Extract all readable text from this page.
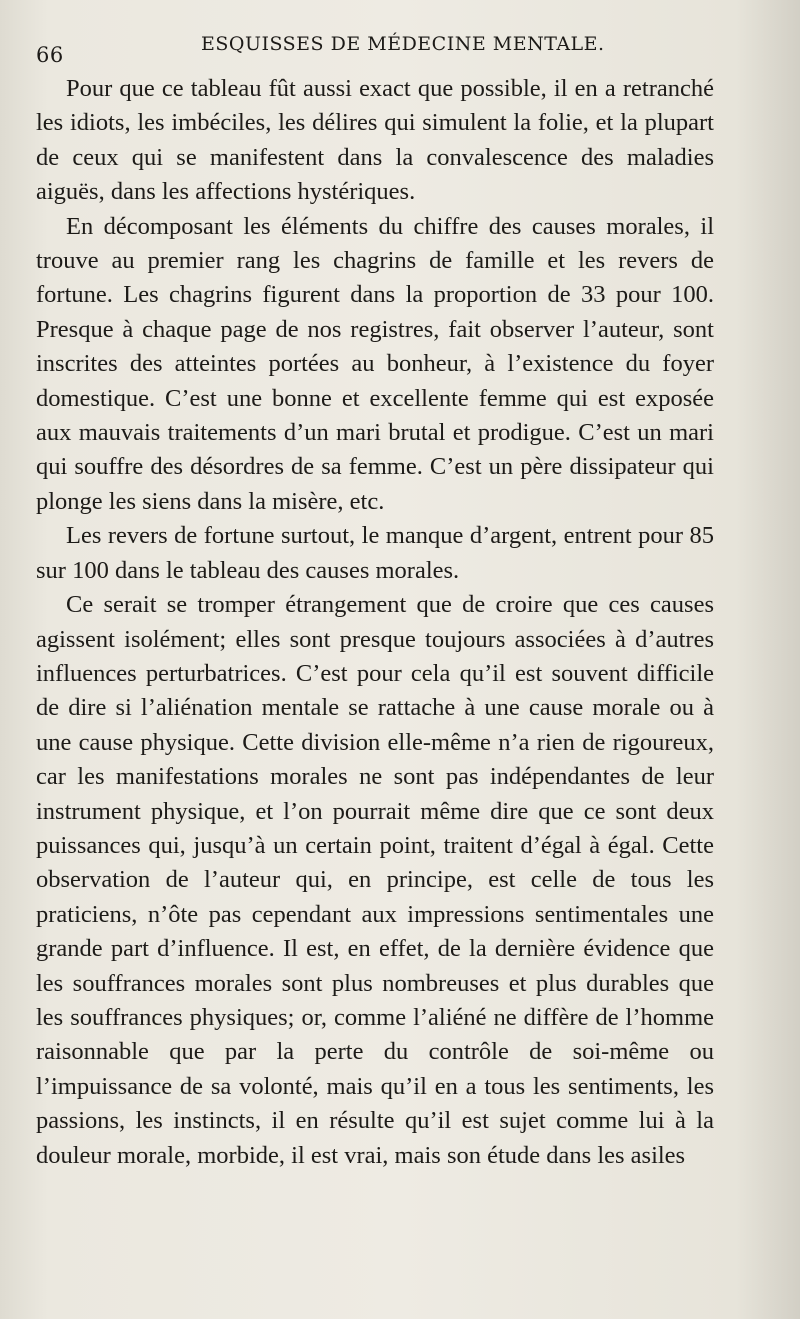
66	ESQUISSES DE MÉDECINE MENTALE.

Pour que ce tableau fût aussi exact que possible, il en a retranché les idiots, les imbéciles, les délires qui simulent la folie, et la plupart de ceux qui se manifestent dans la convalescence des maladies aiguës, dans les affections hystériques.

En décomposant les éléments du chiffre des causes morales, il trouve au premier rang les chagrins de famille et les revers de fortune. Les chagrins figurent dans la proportion de 33 pour 100. Presque à chaque page de nos registres, fait observer l’auteur, sont inscrites des atteintes portées au bonheur, à l’existence du foyer domestique. C’est une bonne et excellente femme qui est exposée aux mauvais traitements d’un mari brutal et prodigue. C’est un mari qui souffre des désordres de sa femme. C’est un père dissipateur qui plonge les siens dans la misère, etc.

Les revers de fortune surtout, le manque d’argent, entrent pour 85 sur 100 dans le tableau des causes morales.

Ce serait se tromper étrangement que de croire que ces causes agissent isolément; elles sont presque toujours associées à d’autres influences perturbatrices. C’est pour cela qu’il est souvent difficile de dire si l’aliénation mentale se rattache à une cause morale ou à une cause physique. Cette division elle-même n’a rien de rigoureux, car les manifestations morales ne sont pas indépendantes de leur instrument physique, et l’on pourrait même dire que ce sont deux puissances qui, jusqu’à un certain point, traitent d’égal à égal. Cette observation de l’auteur qui, en principe, est celle de tous les praticiens, n’ôte pas cependant aux impressions sentimentales une grande part d’influence. Il est, en effet, de la dernière évidence que les souffrances morales sont plus nombreuses et plus durables que les souffrances physiques; or, comme l’aliéné ne diffère de l’homme raisonnable que par la perte du contrôle de soi-même ou l’impuissance de sa volonté, mais qu’il en a tous les sentiments, les passions, les instincts, il en résulte qu’il est sujet comme lui à la douleur morale, morbide, il est vrai, mais son étude dans les asiles
